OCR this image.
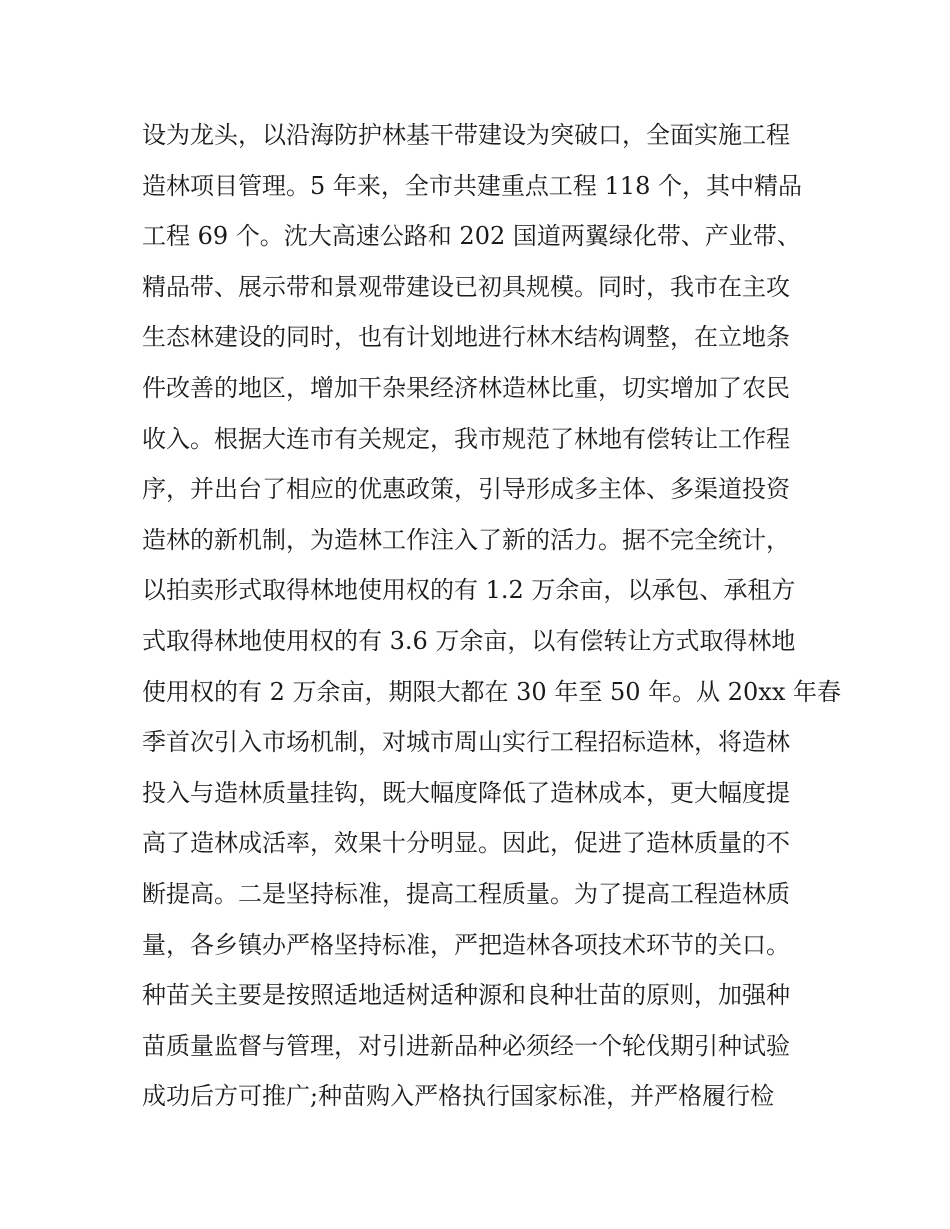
设为龙头，以沿海防护林基干带建设为突破口，全面实施工程
造林项目管理。5 年来，全市共建重点工程 118 个，其中精品
工程 69 个。沈大高速公路和 202 国道两翼绿化带、产业带、
精品带、展示带和景观带建设已初具规模。同时，我市在主攻
生态林建设的同时，也有计划地进行林木结构调整，在立地条
件改善的地区，增加干杂果经济林造林比重，切实增加了农民
收入。根据大连市有关规定，我市规范了林地有偿转让工作程
序，并出台了相应的优惠政策，引导形成多主体、多渠道投资
造林的新机制，为造林工作注入了新的活力。据不完全统计，
以拍卖形式取得林地使用权的有 1.2 万余亩，以承包、承租方
式取得林地使用权的有 3.6 万余亩，以有偿转让方式取得林地
使用权的有 2 万余亩，期限大都在 30 年至 50 年。从 20xx 年春
季首次引入市场机制，对城市周山实行工程招标造林，将造林
投入与造林质量挂钩，既大幅度降低了造林成本，更大幅度提
高了造林成活率，效果十分明显。因此，促进了造林质量的不
断提高。二是坚持标准，提高工程质量。为了提高工程造林质
量，各乡镇办严格坚持标准，严把造林各项技术环节的关口。
种苗关主要是按照适地适树适种源和良种壮苗的原则，加强种
苗质量监督与管理，对引进新品种必须经一个轮伐期引种试验
成功后方可推广;种苗购入严格执行国家标准，并严格履行检
